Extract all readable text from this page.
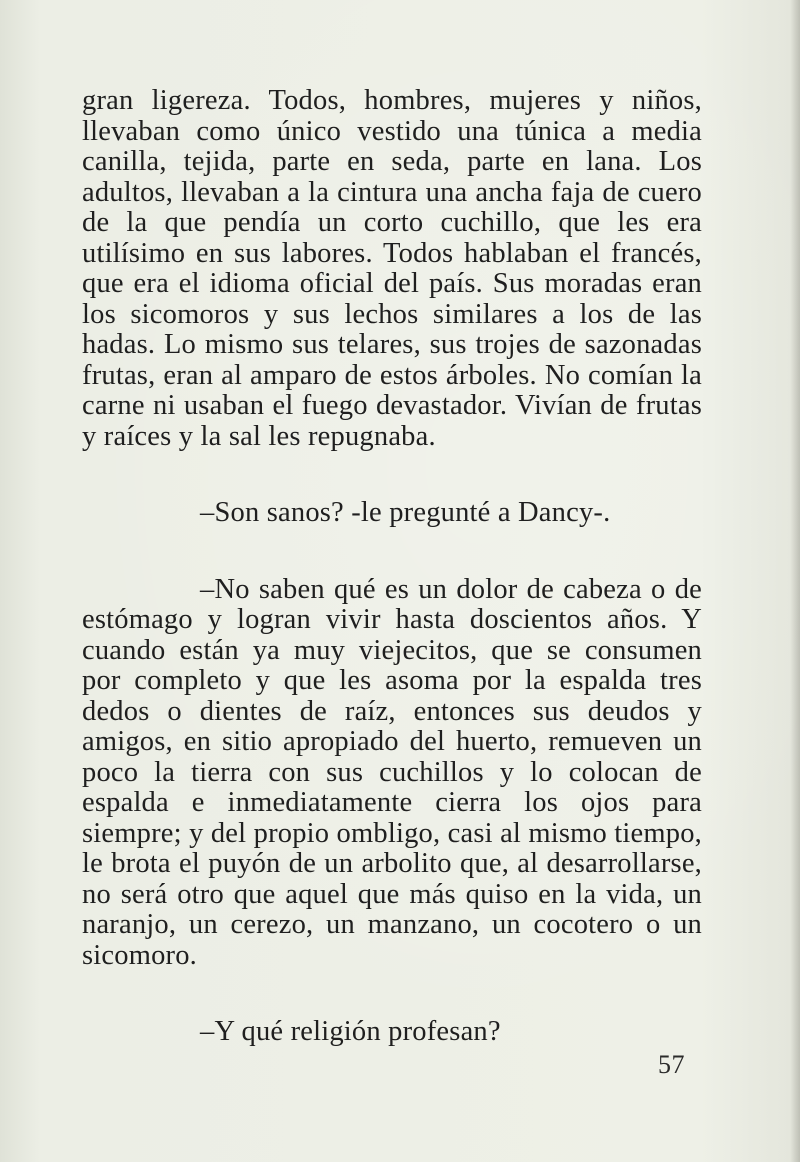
gran ligereza. Todos, hombres, mujeres y niños, llevaban como único vestido una túnica a media canilla, tejida, parte en seda, parte en lana. Los adultos, llevaban a la cintura una ancha faja de cuero de la que pendía un corto cuchillo, que les era utilísimo en sus labores. Todos hablaban el francés, que era el idioma oficial del país. Sus moradas eran los sicomoros y sus lechos similares a los de las hadas. Lo mismo sus telares, sus trojes de sazonadas frutas, eran al amparo de estos árboles. No comían la carne ni usaban el fuego devastador. Vivían de frutas y raíces y la sal les repugnaba.

–Son sanos? -le pregunté a Dancy-.

–No saben qué es un dolor de cabeza o de estómago y logran vivir hasta doscientos años. Y cuando están ya muy viejecitos, que se consumen por completo y que les asoma por la espalda tres dedos o dientes de raíz, entonces sus deudos y amigos, en sitio apropiado del huerto, remueven un poco la tierra con sus cuchillos y lo colocan de espalda e inmediatamente cierra los ojos para siempre; y del propio ombligo, casi al mismo tiempo, le brota el puyón de un arbolito que, al desarrollarse, no será otro que aquel que más quiso en la vida, un naranjo, un cerezo, un manzano, un cocotero o un sicomoro.

–Y qué religión profesan?

57
